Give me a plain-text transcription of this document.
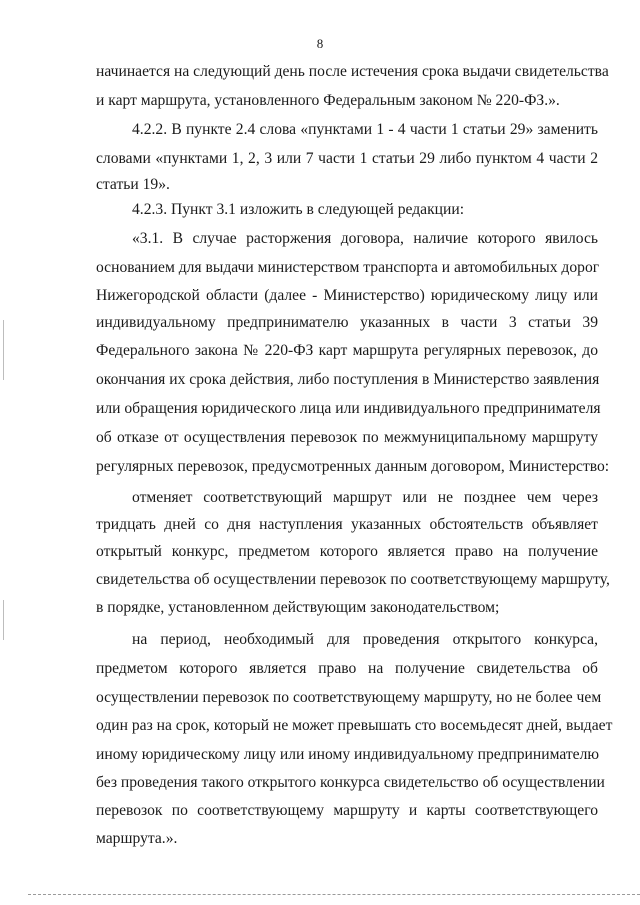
8
начинается на следующий день после истечения срока выдачи свидетельства
и карт маршрута, установленного Федеральным законом № 220-ФЗ.».
4.2.2. В пункте 2.4 слова «пунктами 1 - 4 части 1 статьи 29» заменить
словами «пунктами 1, 2, 3 или 7 части 1 статьи 29 либо пунктом 4 части 2
статьи 19».
4.2.3. Пункт 3.1 изложить в следующей редакции:
«3.1. В случае расторжения договора, наличие которого явилось
основанием для выдачи министерством транспорта и автомобильных дорог
Нижегородской области (далее - Министерство) юридическому лицу или
индивидуальному предпринимателю указанных в части 3 статьи 39
Федерального закона № 220-ФЗ карт маршрута регулярных перевозок, до
окончания их срока действия, либо поступления в Министерство заявления
или обращения юридического лица или индивидуального предпринимателя
об отказе от осуществления перевозок по межмуниципальному маршруту
регулярных перевозок, предусмотренных данным договором, Министерство:
отменяет соответствующий маршрут или не позднее чем через
тридцать дней со дня наступления указанных обстоятельств объявляет
открытый конкурс, предметом которого является право на получение
свидетельства об осуществлении перевозок по соответствующему маршруту,
в порядке, установленном действующим законодательством;
на период, необходимый для проведения открытого конкурса,
предметом которого является право на получение свидетельства об
осуществлении перевозок по соответствующему маршруту, но не более чем
один раз на срок, который не может превышать сто восемьдесят дней, выдает
иному юридическому лицу или иному индивидуальному предпринимателю
без проведения такого открытого конкурса свидетельство об осуществлении
перевозок по соответствующему маршруту и карты соответствующего
маршрута.».
